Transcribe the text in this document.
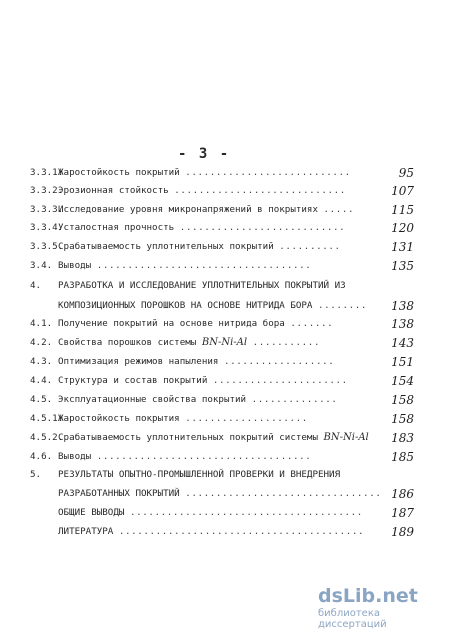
- 3 -
3.3.1.Жаростойкость покрытий ...........................	95
3.3.2.Эрозионная стойкость ............................	107
3.3.3.Исследование уровня микронапряжений в покрытиях .....	115
3.3.4.Усталостная прочность ...........................	120
3.3.5.Срабатываемость уплотнительных покрытий ..........	131
3.4. Выводы ...................................	135
4. РАЗРАБОТКА И ИССЛЕДОВАНИЕ УПЛОТНИТЕЛЬНЫХ ПОКРЫТИЙ ИЗ
КОМПОЗИЦИОННЫХ ПОРОШКОВ НА ОСНОВЕ НИТРИДА БОРА ........ 138
4.1. Получение покрытий на основе нитрида бора .......	138
4.2. Свойства порошков системы BN-Ni-Al ...........	143
4.3. Оптимизация режимов напыления ..................	151
4.4. Структура и состав покрытий ......................	154
4.5. Эксплуатационные свойства покрытий ..............	158
4.5.1.Жаростойкость покрытия ....................	158
4.5.2.Срабатываемость уплотнительных покрытий системы BN-Ni-Al 183
4.6. Выводы ...................................	185
5. РЕЗУЛЬТАТЫ ОПЫТНО-ПРОМЫШЛЕННОЙ ПРОВЕРКИ И ВНЕДРЕНИЯ
РАЗРАБОТАННЫХ ПОКРЫТИЙ ................................ 186
ОБЩИЕ ВЫВОДЫ ...................................... 187
ЛИТЕРАТУРА ........................................ 189
dsLib.net
библиотека диссертаций
